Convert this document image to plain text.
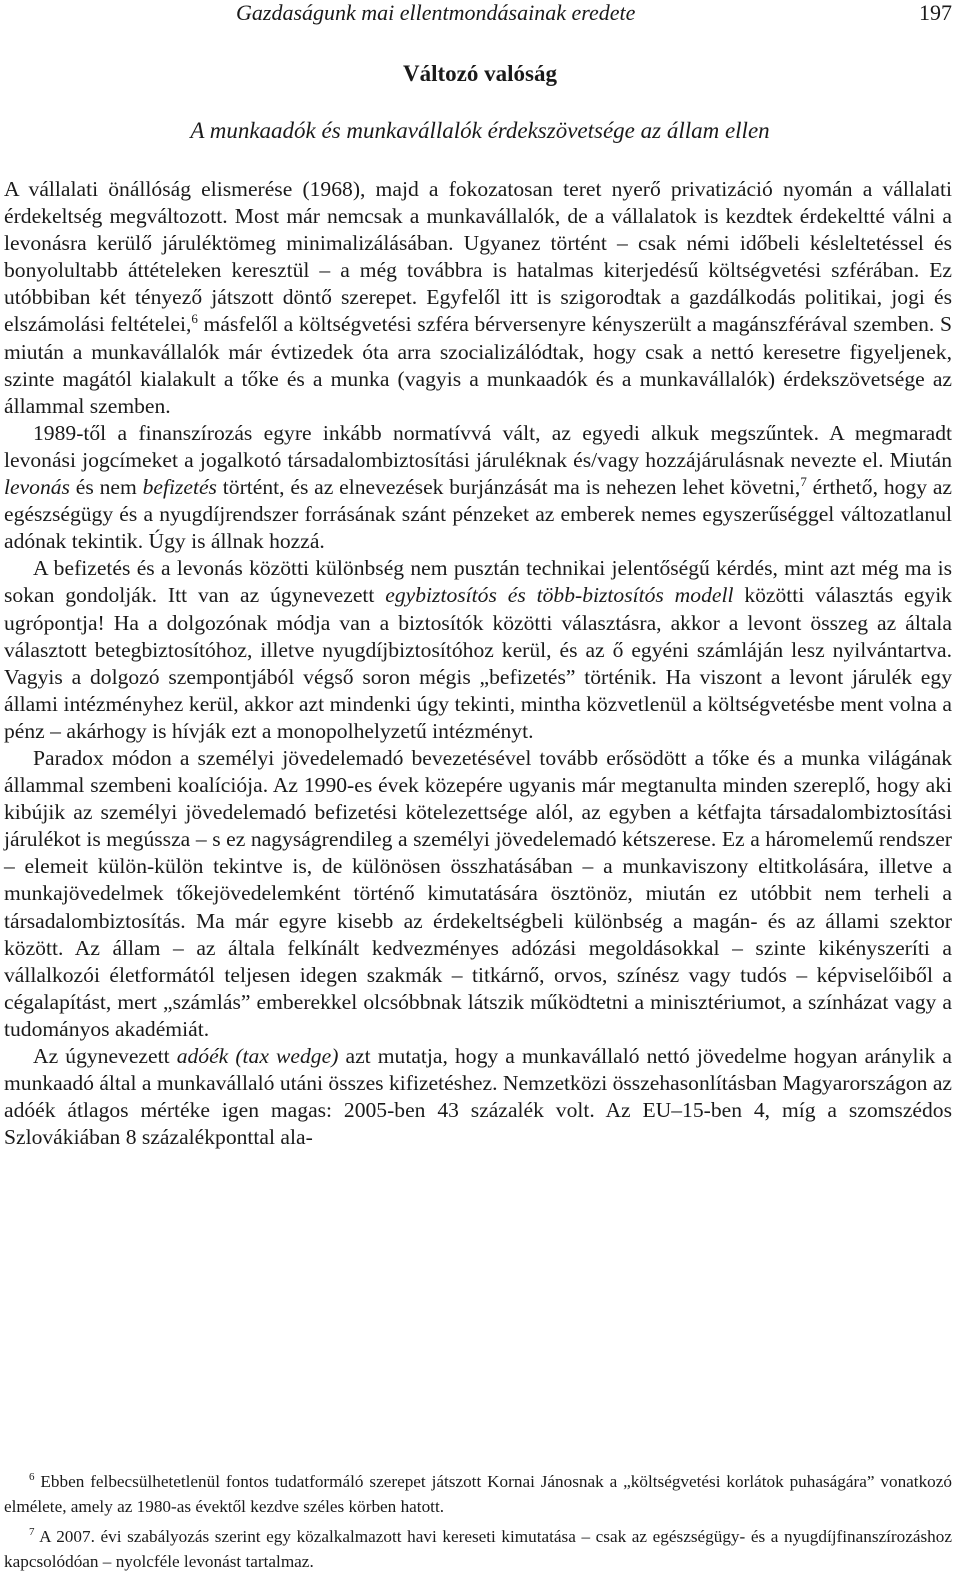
Gazdaságunk mai ellentmondásainak eredete	197
Változó valóság
A munkaadók és munkavállalók érdekszövetsége az állam ellen

A vállalati önállóság elismerése (1968), majd a fokozatosan teret nyerő privatizáció nyomán a vállalati érdekeltség megváltozott. Most már nemcsak a munkavállalók, de a vállalatok is kezdtek érdekeltté válni a levonásra kerülő járuléktömeg minimalizálásában. Ugyanez történt – csak némi időbeli késleltetéssel és bonyolultabb áttételeken keresztül – a még továbbra is hatalmas kiterjedésű költségvetési szférában. Ez utóbbiban két tényező játszott döntő szerepet. Egyfelől itt is szigorodtak a gazdálkodás politikai, jogi és elszámolási feltételei,$^6$ másfelől a költségvetési szféra bérversenyre kényszerült a magánszférával szemben. S miután a munkavállalók már évtizedek óta arra szocializálódtak, hogy csak a nettó keresetre figyeljenek, szinte magától kialakult a tőke és a munka (vagyis a munkaadók és a munkavállalók) érdekszövetsége az állammal szemben.

1989-től a finanszírozás egyre inkább normatívvá vált, az egyedi alkuk megszűntek. A megmaradt levonási jogcímeket a jogalkotó társadalombiztosítási járuléknak és/vagy hozzájárulásnak nevezte el. Miután levonás és nem befizetés történt, és az elnevezések burjánzását ma is nehezen lehet követni,$^7$ érthető, hogy az egészségügy és a nyugdíjrendszer forrásának szánt pénzeket az emberek nemes egyszerűséggel változatlanul adónak tekintik. Úgy is állnak hozzá.

A befizetés és a levonás közötti különbség nem pusztán technikai jelentőségű kérdés, mint azt még ma is sokan gondolják. Itt van az úgynevezett egybiztosítós és több-biztosítós modell közötti választás egyik ugrópontja! Ha a dolgozónak módja van a biztosítók közötti választásra, akkor a levont összeg az általa választott betegbiztosítóhoz, illetve nyugdíjbiztosítóhoz kerül, és az ő egyéni számláján lesz nyilvántartva. Vagyis a dolgozó szempontjából végső soron mégis „befizetés” történik. Ha viszont a levont járulék egy állami intézményhez kerül, akkor azt mindenki úgy tekinti, mintha közvetlenül a költségvetésbe ment volna a pénz – akárhogy is hívják ezt a monopolhelyzetű intézményt.

Paradox módon a személyi jövedelemadó bevezetésével tovább erősödött a tőke és a munka világának állammal szembeni koalíciója. Az 1990-es évek közepére ugyanis már megtanulta minden szereplő, hogy aki kibújik az személyi jövedelemadó befizetési kötelezettsége alól, az egyben a kétfajta társadalombiztosítási járulékot is megússza – s ez nagyságrendileg a személyi jövedelemadó kétszerese. Ez a háromelemű rendszer – elemeit külön-külön tekintve is, de különösen összhatásában – a munkaviszony eltitkolására, illetve a munkajövedelmek tőkejövedelemként történő kimutatására ösztönöz, miután ez utóbbit nem terheli a társadalombiztosítás. Ma már egyre kisebb az érdekeltségbeli különbség a magán- és az állami szektor között. Az állam – az általa felkínált kedvezményes adózási megoldásokkal – szinte kikényszeríti a vállalkozói életformától teljesen idegen szakmák – titkárnő, orvos, színész vagy tudós – képviselőiből a cégalapítást, mert „számlás” emberekkel olcsóbbnak látszik működtetni a minisztériumot, a színházat vagy a tudományos akadémiát.

Az úgynevezett adóék (tax wedge) azt mutatja, hogy a munkavállaló nettó jövedelme hogyan aránylik a munkaadó által a munkavállaló utáni összes kifizetéshez. Nemzetközi összehasonlításban Magyarországon az adóék átlagos mértéke igen magas: 2005-ben 43 százalék volt. Az EU–15-ben 4, míg a szomszédos Szlovákiában 8 százalékponttal ala-

$^6$ Ebben felbecsülhetetlenül fontos tudatformáló szerepet játszott Kornai Jánosnak a „költségvetési korlátok puhaságára” vonatkozó elmélete, amely az 1980-as évektől kezdve széles körben hatott.

$^7$ A 2007. évi szabályozás szerint egy közalkalmazott havi kereseti kimutatása – csak az egészségügy- és a nyugdíjfinanszírozáshoz kapcsolódóan – nyolcféle levonást tartalmaz.
